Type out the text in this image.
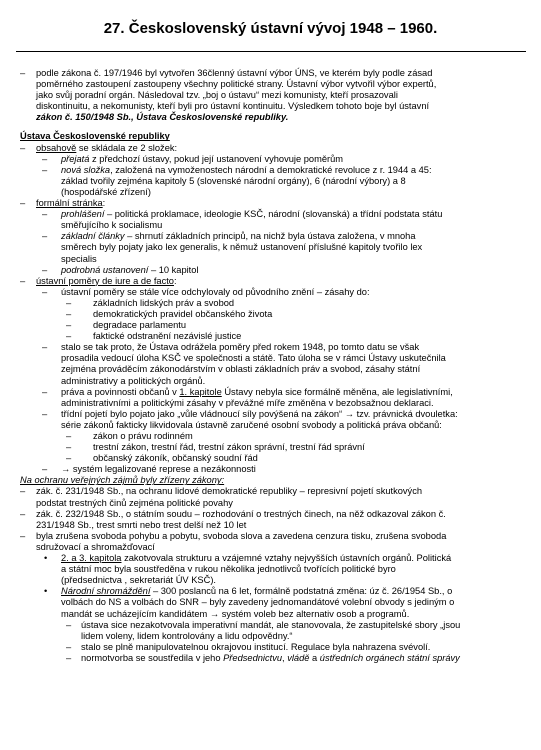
27. Československý ústavní vývoj 1948 – 1960.
– podle zákona č. 197/1946 byl vytvořen 36členný ústavní výbor ÚNS, ve kterém byly podle zásad
poměrného zastoupení zastoupeny všechny politické strany. Ústavní výbor vytvořil výbor expertů,
jako svůj poradní orgán. Následoval tzv. „boj o ústavu“ mezi komunisty, kteří prosazovali
diskontinuitu, a nekomunisty, kteří byli pro ústavní kontinuitu. Výsledkem tohoto boje byl ústavní
zákon č. 150/1948 Sb., Ústava Československé republiky.
Ústava Československé republiky
– obsahově se skládala ze 2 složek:
– přejatá z předchozí ústavy, pokud její ustanovení vyhovuje poměrům
– nová složka, založená na vymoženostech národní a demokratické revoluce z r. 1944 a 45:
základ tvořily zejména kapitoly 5 (slovenské národní orgány), 6 (národní výbory) a 8
(hospodářské zřízení)
– formální stránka:
– prohlášení – politická proklamace, ideologie KSČ, národní (slovanská) a třídní podstata státu
směřujícího k socialismu
– základní články – shrnutí základních principů, na nichž byla ústava založena, v mnoha
směrech byly pojaty jako lex generalis, k němuž ustanovení příslušné kapitoly tvořilo lex
specialis
– podrobná ustanovení – 10 kapitol
– ústavní poměry de iure a de facto:
– ústavní poměry se stále více odchylovaly od původního znění – zásahy do:
– základních lidských práv a svobod
– demokratických pravidel občanského života
– degradace parlamentu
– faktické odstranění nezávislé justice
– stalo se tak proto, že Ústava odrážela poměry před rokem 1948, po tomto datu se však
prosadila vedoucí úloha KSČ ve společnosti a státě. Tato úloha se v rámci Ústavy uskutečnila
zejména prováděcím zákonodárstvím v oblasti základních práv a svobod, zásahy státní
administrativy a politických orgánů.
– práva a povinnosti občanů v 1. kapitole Ústavy nebyla sice formálně měněna, ale legislativními,
administrativními a politickými zásahy v převážné míře změněna v bezobsažnou deklaraci.
– třídní pojetí bylo pojato jako „vůle vládnoucí síly povýšená na zákon“ → tzv. právnická dvouletka:
série zákonů fakticky likvidovala ústavně zaručené osobní svobody a politická práva občanů:
– zákon o právu rodinném
– trestní zákon, trestní řád, trestní zákon správní, trestní řád správní
– občanský zákoník, občanský soudní řád
– → systém legalizované represe a nezákonnosti
Na ochranu veřejných zájmů byly zřízeny zákony:
– zák. č. 231/1948 Sb., na ochranu lidové demokratické republiky – represivní pojetí skutkových
podstat trestných činů zejména politické povahy
– zák. č. 232/1948 Sb., o státním soudu – rozhodování o trestných činech, na něž odkazoval zákon č.
231/1948 Sb., trest smrti nebo trest delší než 10 let
– byla zrušena svoboda pohybu a pobytu, svoboda slova a zavedena cenzura tisku, zrušena svoboda
sdružovací a shromažďovací
• 2. a 3. kapitola zakotvovala strukturu a vzájemné vztahy nejvyšších ústavních orgánů. Politická
a státní moc byla soustředěna v rukou několika jednotlivců tvořících politické byro
(předsednictva , sekretariát ÚV KSČ).
• Národní shromáždění – 300 poslanců na 6 let, formálně podstatná změna: úz č. 26/1954 Sb., o
volbách do NS a volbách do SNR – byly zavedeny jednomandátové volební obvody s jediným o
mandát se ucházejícím kandidátem → systém voleb bez alternativ osob a programů.
– ústava sice nezakotvovala imperativní mandát, ale stanovovala, že zastupitelské sbory „jsou
lidem voleny, lidem kontrolovány a lidu odpovědny.“
– stalo se plně manipulovatelnou okrajovou institucí. Regulace byla nahrazena svévolí.
– normotvorba se soustředila v jeho Předsednictvu, vládě a ústředních orgánech státní správy
